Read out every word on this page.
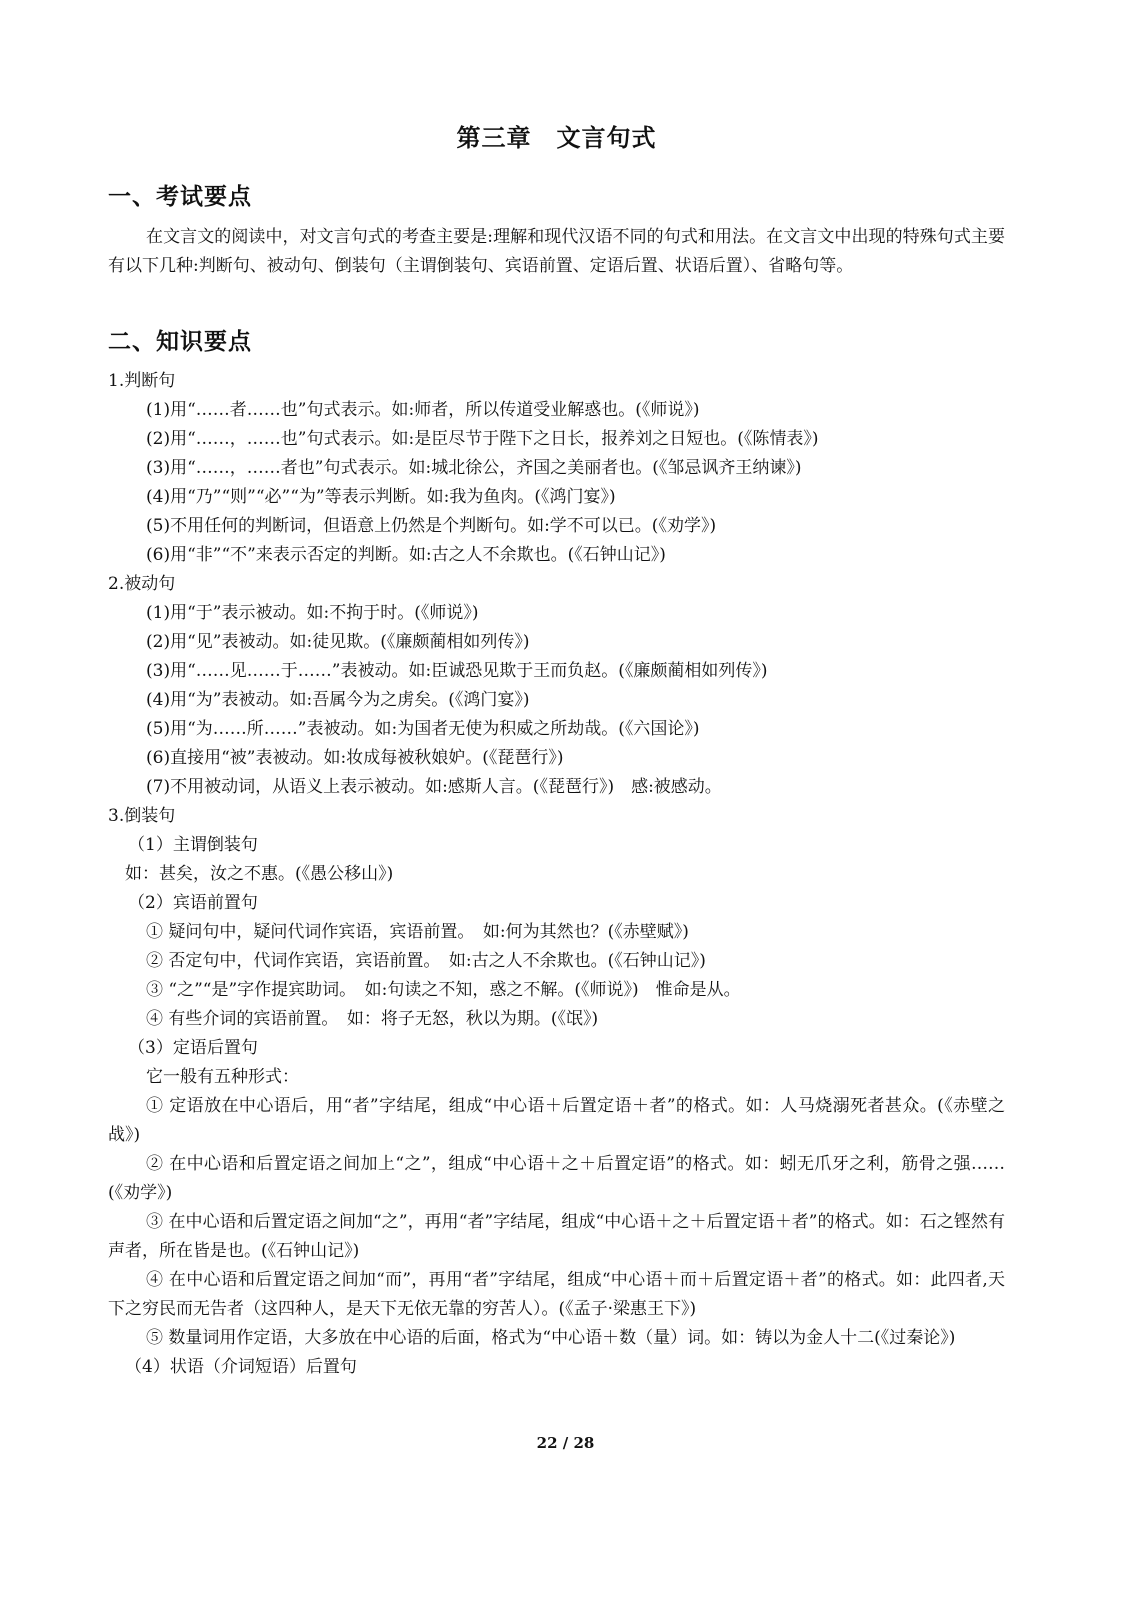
第三章　文言句式
一、考试要点
在文言文的阅读中，对文言句式的考查主要是:理解和现代汉语不同的句式和用法。在文言文中出现的特殊句式主要有以下几种:判断句、被动句、倒装句（主谓倒装句、宾语前置、定语后置、状语后置）、省略句等。
二、知识要点
1.判断句
(1)用“……者……也”句式表示。如:师者，所以传道受业解惑也。(《师说》)
(2)用“……，……也”句式表示。如:是臣尽节于陛下之日长，报养刘之日短也。(《陈情表》)
(3)用“……，……者也”句式表示。如:城北徐公，齐国之美丽者也。(《邹忌讽齐王纳谏》)
(4)用“乃”“则”“必”“为”等表示判断。如:我为鱼肉。(《鸿门宴》)
(5)不用任何的判断词，但语意上仍然是个判断句。如:学不可以已。(《劝学》)
(6)用“非”“不”来表示否定的判断。如:古之人不余欺也。(《石钟山记》)
2.被动句
(1)用“于”表示被动。如:不拘于时。(《师说》)
(2)用“见”表被动。如:徒见欺。(《廉颇蔺相如列传》)
(3)用“……见……于……”表被动。如:臣诚恐见欺于王而负赵。(《廉颇蔺相如列传》)
(4)用“为”表被动。如:吾属今为之虏矣。(《鸿门宴》)
(5)用“为……所……”表被动。如:为国者无使为积威之所劫哉。(《六国论》)
(6)直接用“被”表被动。如:妆成每被秋娘妒。(《琵琶行》)
(7)不用被动词，从语义上表示被动。如:感斯人言。(《琵琶行》)　感:被感动。
3.倒装句
（1）主谓倒装句
如：甚矣，汝之不惠。(《愚公移山》)
（2）宾语前置句
① 疑问句中，疑问代词作宾语，宾语前置。　如:何为其然也？(《赤壁赋》)
② 否定句中，代词作宾语，宾语前置。　如:古之人不余欺也。(《石钟山记》)
③ “之”“是”字作提宾助词。　如:句读之不知，惑之不解。(《师说》)　惟命是从。
④ 有些介词的宾语前置。　如：将子无怒，秋以为期。(《氓》)
（3）定语后置句
它一般有五种形式：
① 定语放在中心语后，用“者”字结尾，组成“中心语＋后置定语＋者”的格式。如：人马烧溺死者甚众。(《赤壁之战》)
② 在中心语和后置定语之间加上“之”，组成“中心语＋之＋后置定语”的格式。如：蚓无爪牙之利，筋骨之强……(《劝学》)
③ 在中心语和后置定语之间加“之”，再用“者”字结尾，组成“中心语＋之＋后置定语＋者”的格式。如：石之铿然有声者，所在皆是也。(《石钟山记》)
④ 在中心语和后置定语之间加“而”，再用“者”字结尾，组成“中心语＋而＋后置定语＋者”的格式。如：此四者,天下之穷民而无告者（这四种人，是天下无依无靠的穷苦人）。(《孟子·梁惠王下》)
⑤ 数量词用作定语，大多放在中心语的后面，格式为“中心语＋数（量）词。如：铸以为金人十二(《过秦论》)
（4）状语（介词短语）后置句
22 / 28
